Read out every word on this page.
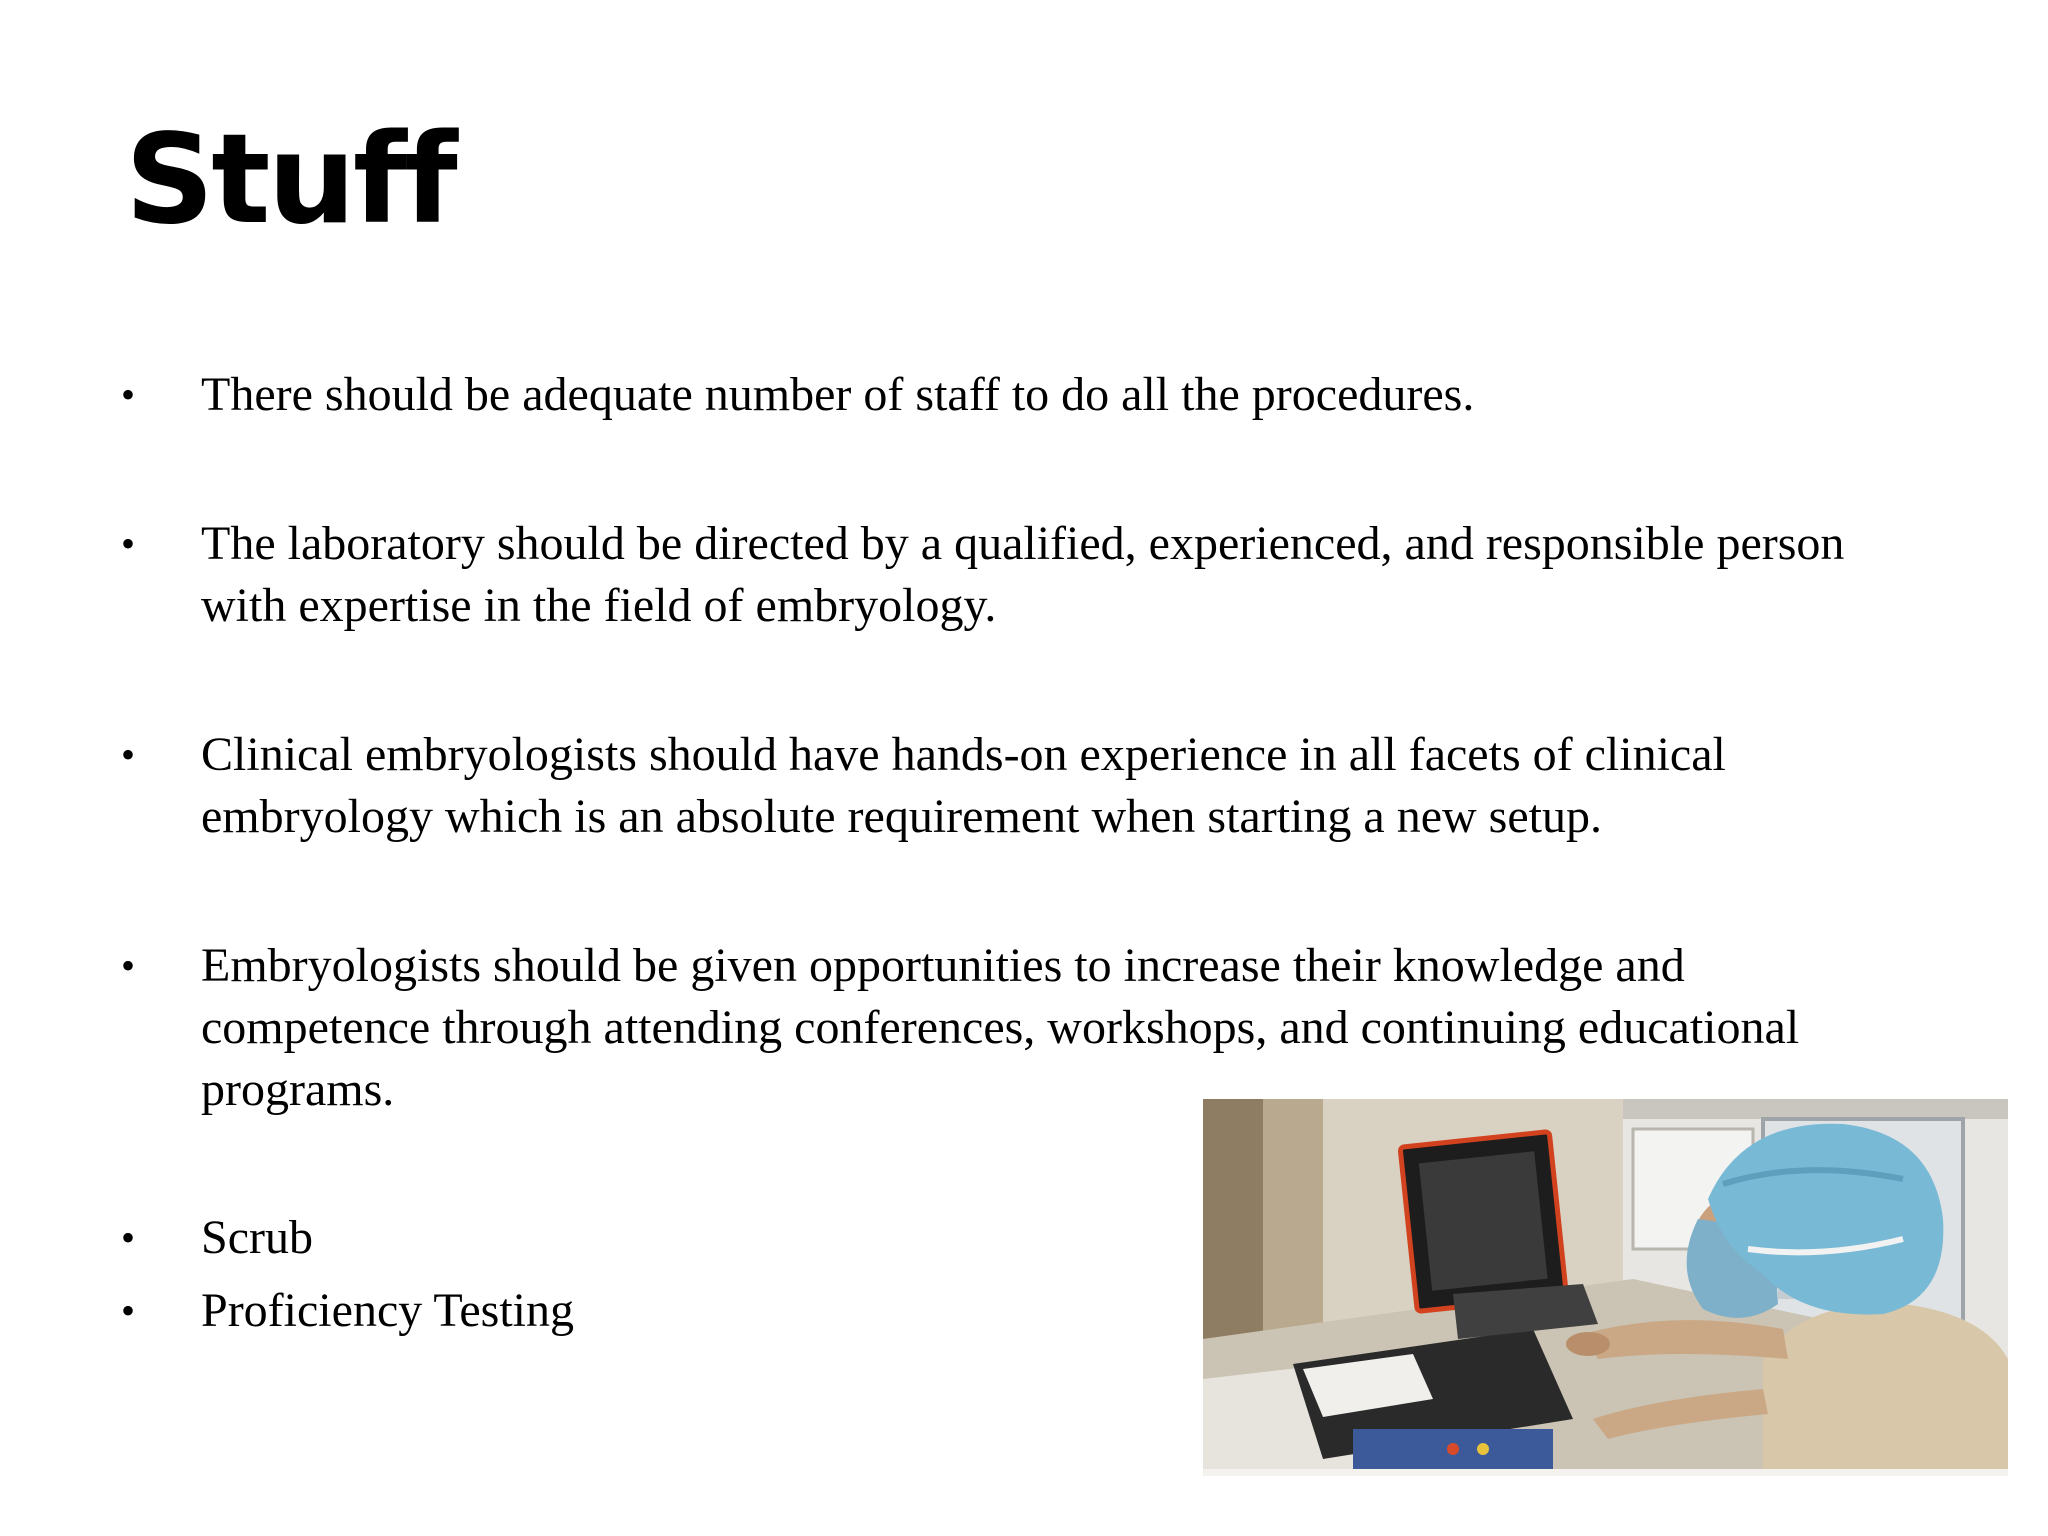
Stuff
• There should be adequate number of staff to do all the procedures.
• The laboratory should be directed by a qualified, experienced, and responsible person with expertise in the field of embryology.
• Clinical embryologists should have hands-on experience in all facets of clinical embryology which is an absolute requirement when starting a new setup.
• Embryologists should be given opportunities to increase their knowledge and competence through attending conferences, workshops, and continuing educational programs.
• Scrub
• Proficiency Testing
